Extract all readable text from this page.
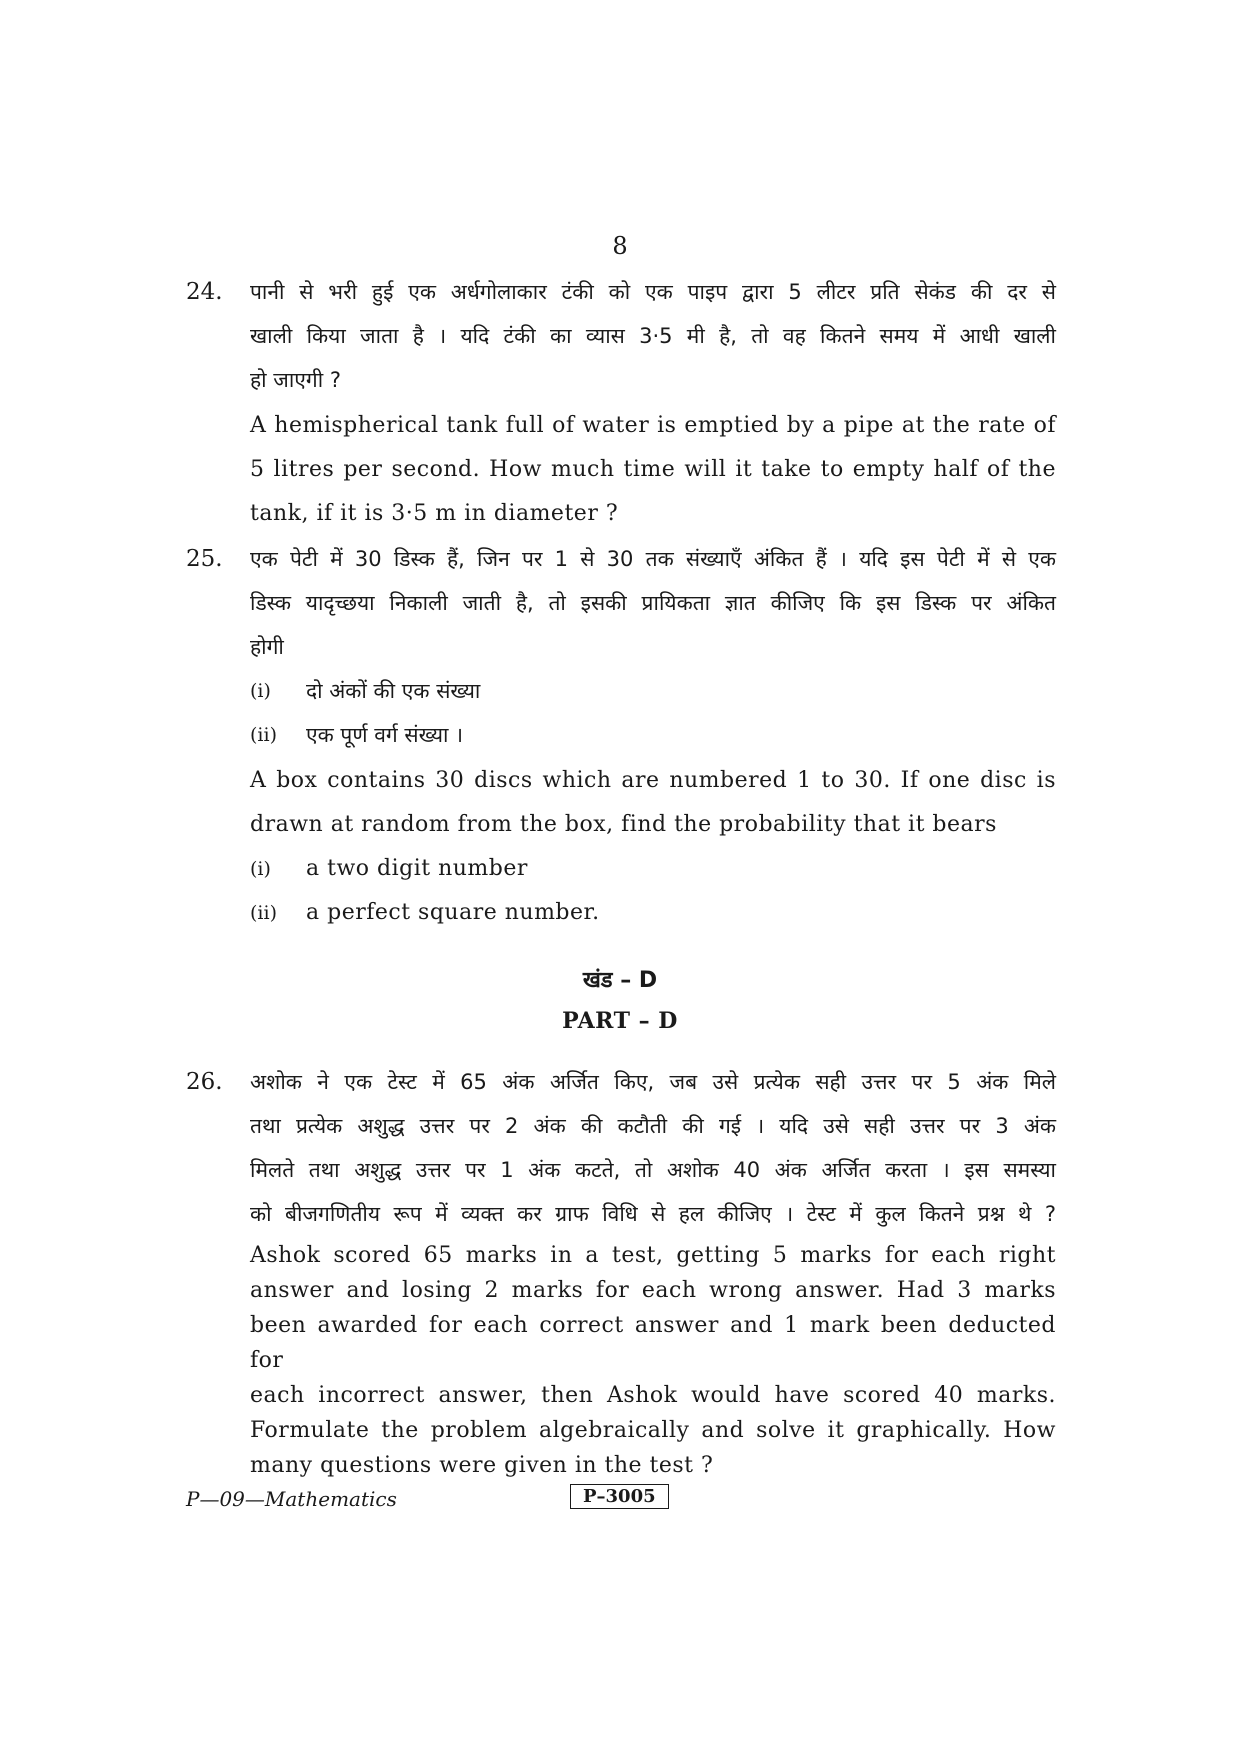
8
24.	पानी से भरी हुई एक अर्धगोलाकार टंकी को एक पाइप द्वारा 5 लीटर प्रति सेकंड की दर से
खाली किया जाता है । यदि टंकी का व्यास 3·5 मी है, तो वह कितने समय में आधी खाली
हो जाएगी ?
A hemispherical tank full of water is emptied by a pipe at the rate of
5 litres per second. How much time will it take to empty half of the
tank, if it is 3·5 m in diameter ?
25.	एक पेटी में 30 डिस्क हैं, जिन पर 1 से 30 तक संख्याएँ अंकित हैं । यदि इस पेटी में से एक
डिस्क यादृच्छया निकाली जाती है, तो इसकी प्रायिकता ज्ञात कीजिए कि इस डिस्क पर अंकित
होगी
(i)	दो अंकों की एक संख्या
(ii)	एक पूर्ण वर्ग संख्या ।
A box contains 30 discs which are numbered 1 to 30. If one disc is
drawn at random from the box, find the probability that it bears
(i)	a two digit number
(ii)	a perfect square number.
खंड – D
PART – D
26.	अशोक ने एक टेस्ट में 65 अंक अर्जित किए, जब उसे प्रत्येक सही उत्तर पर 5 अंक मिले
तथा प्रत्येक अशुद्ध उत्तर पर 2 अंक की कटौती की गई । यदि उसे सही उत्तर पर 3 अंक
मिलते तथा अशुद्ध उत्तर पर 1 अंक कटते, तो अशोक 40 अंक अर्जित करता । इस समस्या
को बीजगणितीय रूप में व्यक्त कर ग्राफ विधि से हल कीजिए । टेस्ट में कुल कितने प्रश्न थे ?
Ashok scored 65 marks in a test, getting 5 marks for each right
answer and losing 2 marks for each wrong answer. Had 3 marks
been awarded for each correct answer and 1 mark been deducted for
each incorrect answer, then Ashok would have scored 40 marks.
Formulate the problem algebraically and solve it graphically. How
many questions were given in the test ?
P—09—Mathematics	P–3005
